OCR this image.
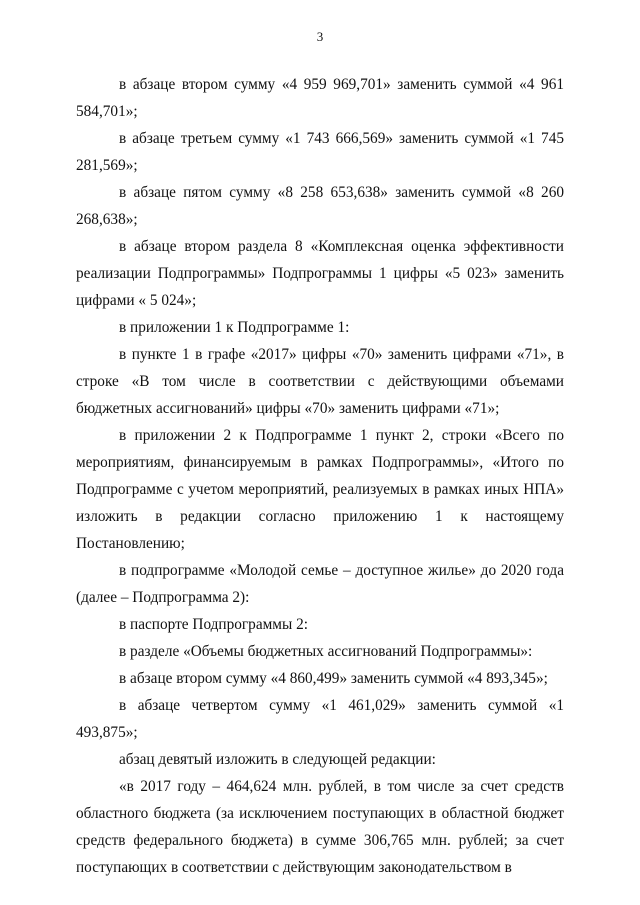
3

в абзаце втором сумму «4 959 969,701» заменить суммой «4 961 584,701»;

в абзаце третьем сумму «1 743 666,569» заменить суммой «1 745 281,569»;

в абзаце пятом сумму «8 258 653,638» заменить суммой «8 260 268,638»;

в абзаце втором раздела 8 «Комплексная оценка эффективности реализации Подпрограммы» Подпрограммы 1 цифры «5 023» заменить цифрами « 5 024»;

в приложении 1 к Подпрограмме 1:

в пункте 1 в графе «2017» цифры «70» заменить цифрами «71», в строке «В том числе в соответствии с действующими объемами бюджетных ассигнований» цифры «70» заменить цифрами «71»;

в приложении 2 к Подпрограмме 1 пункт 2, строки «Всего по мероприятиям, финансируемым в рамках Подпрограммы», «Итого по Подпрограмме с учетом мероприятий, реализуемых в рамках иных НПА» изложить в редакции согласно приложению 1 к настоящему Постановлению;

в подпрограмме «Молодой семье – доступное жилье» до 2020 года (далее – Подпрограмма 2):

в паспорте Подпрограммы 2:

в разделе «Объемы бюджетных ассигнований Подпрограммы»:

в абзаце втором сумму «4 860,499» заменить суммой «4 893,345»;

в абзаце четвертом сумму «1 461,029» заменить суммой «1 493,875»;

абзац девятый изложить в следующей редакции:

«в 2017 году – 464,624 млн. рублей, в том числе за счет средств областного бюджета (за исключением поступающих в областной бюджет средств федерального бюджета) в сумме 306,765 млн. рублей; за счет поступающих в соответствии с действующим законодательством в
